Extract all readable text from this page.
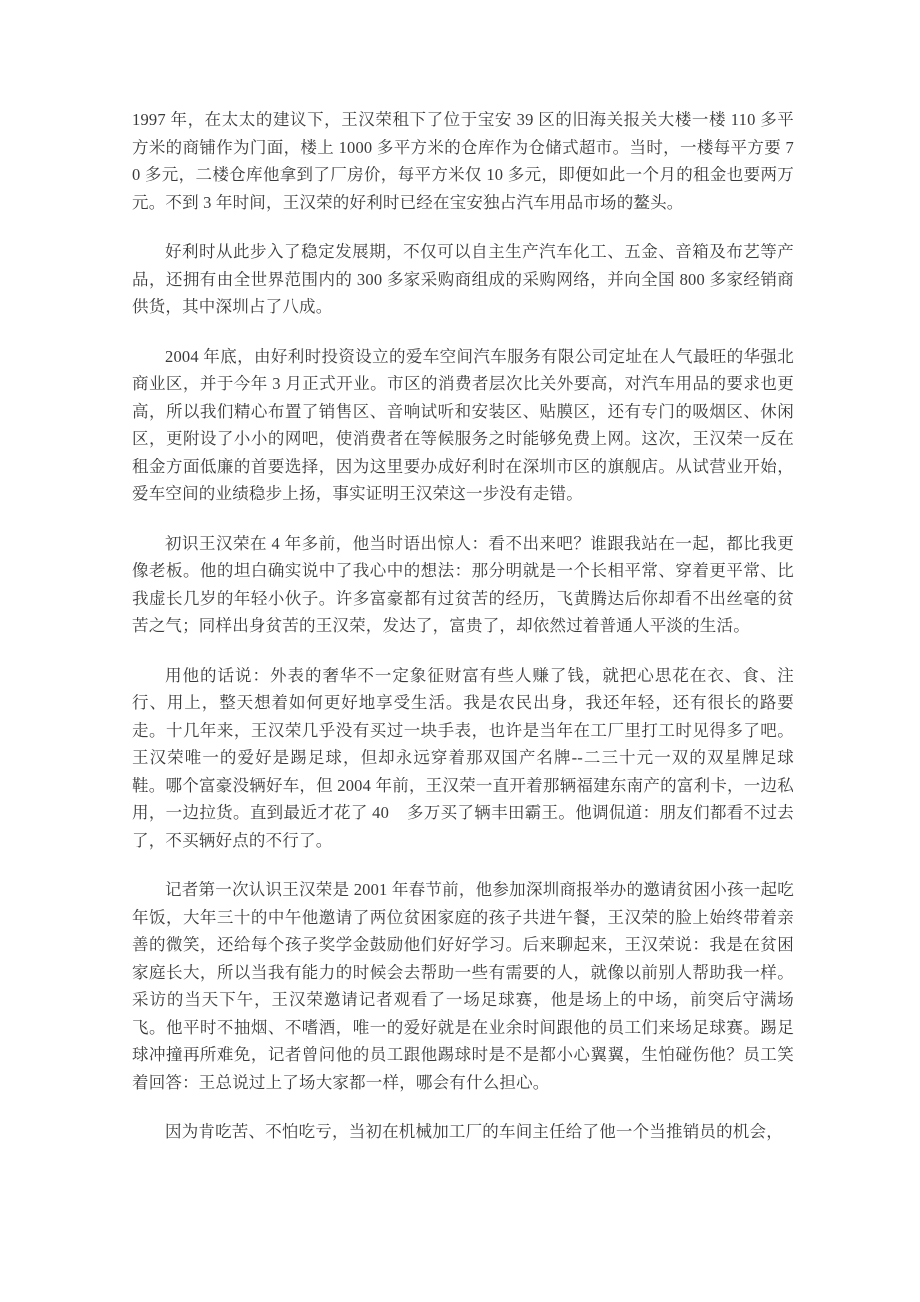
1997 年，在太太的建议下，王汉荣租下了位于宝安 39 区的旧海关报关大楼一楼 110 多平方米的商铺作为门面，楼上 1000 多平方米的仓库作为仓储式超市。当时，一楼每平方要 70 多元，二楼仓库他拿到了厂房价，每平方米仅 10 多元，即便如此一个月的租金也要两万元。不到 3 年时间，王汉荣的好利时已经在宝安独占汽车用品市场的鳌头。

好利时从此步入了稳定发展期，不仅可以自主生产汽车化工、五金、音箱及布艺等产品，还拥有由全世界范围内的 300 多家采购商组成的采购网络，并向全国 800 多家经销商供货，其中深圳占了八成。

2004 年底，由好利时投资设立的爱车空间汽车服务有限公司定址在人气最旺的华强北商业区，并于今年 3 月正式开业。市区的消费者层次比关外要高，对汽车用品的要求也更高，所以我们精心布置了销售区、音响试听和安装区、贴膜区，还有专门的吸烟区、休闲区，更附设了小小的网吧，使消费者在等候服务之时能够免费上网。这次，王汉荣一反在租金方面低廉的首要选择，因为这里要办成好利时在深圳市区的旗舰店。从试营业开始，爱车空间的业绩稳步上扬，事实证明王汉荣这一步没有走错。

初识王汉荣在 4 年多前，他当时语出惊人：看不出来吧？谁跟我站在一起，都比我更像老板。他的坦白确实说中了我心中的想法：那分明就是一个长相平常、穿着更平常、比我虚长几岁的年轻小伙子。许多富豪都有过贫苦的经历，飞黄腾达后你却看不出丝毫的贫苦之气；同样出身贫苦的王汉荣，发达了，富贵了，却依然过着普通人平淡的生活。

用他的话说：外表的奢华不一定象征财富有些人赚了钱，就把心思花在衣、食、注行、用上，整天想着如何更好地享受生活。我是农民出身，我还年轻，还有很长的路要走。十几年来，王汉荣几乎没有买过一块手表，也许是当年在工厂里打工时见得多了吧。王汉荣唯一的爱好是踢足球，但却永远穿着那双国产名牌--二三十元一双的双星牌足球鞋。哪个富豪没辆好车，但 2004 年前，王汉荣一直开着那辆福建东南产的富利卡，一边私用，一边拉货。直到最近才花了 40    多万买了辆丰田霸王。他调侃道：朋友们都看不过去了，不买辆好点的不行了。

记者第一次认识王汉荣是 2001 年春节前，他参加深圳商报举办的邀请贫困小孩一起吃年饭，大年三十的中午他邀请了两位贫困家庭的孩子共进午餐，王汉荣的脸上始终带着亲善的微笑，还给每个孩子奖学金鼓励他们好好学习。后来聊起来，王汉荣说：我是在贫困家庭长大，所以当我有能力的时候会去帮助一些有需要的人，就像以前别人帮助我一样。采访的当天下午，王汉荣邀请记者观看了一场足球赛，他是场上的中场，前突后守满场飞。他平时不抽烟、不嗜酒，唯一的爱好就是在业余时间跟他的员工们来场足球赛。踢足球冲撞再所难免，记者曾问他的员工跟他踢球时是不是都小心翼翼，生怕碰伤他？员工笑着回答：王总说过上了场大家都一样，哪会有什么担心。

因为肯吃苦、不怕吃亏，当初在机械加工厂的车间主任给了他一个当推销员的机会，
